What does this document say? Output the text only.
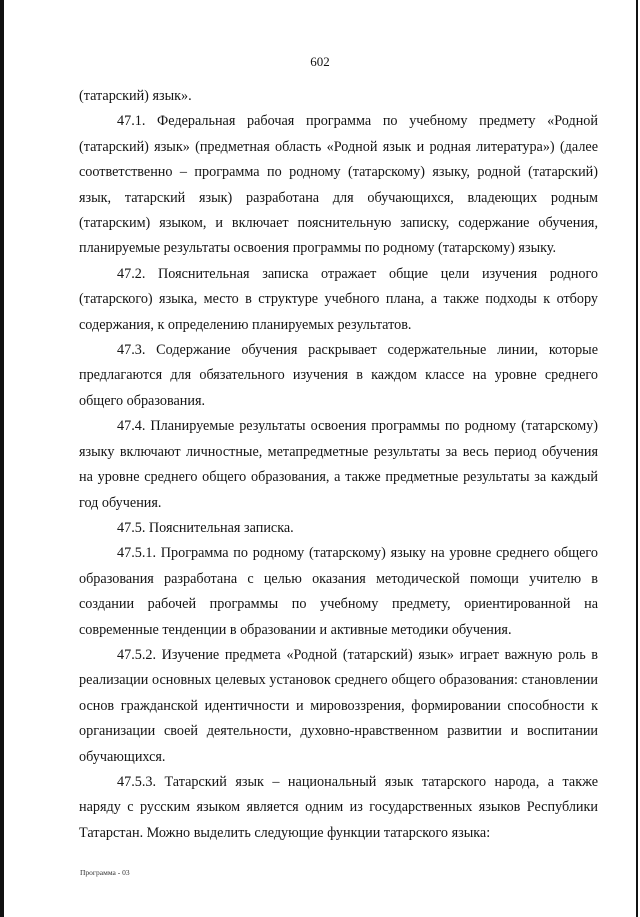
602

(татарский) язык».

47.1. Федеральная рабочая программа по учебному предмету «Родной (татарский) язык» (предметная область «Родной язык и родная литература») (далее соответственно – программа по родному (татарскому) языку, родной (татарский) язык, татарский язык) разработана для обучающихся, владеющих родным (татарским) языком, и включает пояснительную записку, содержание обучения, планируемые результаты освоения программы по родному (татарскому) языку.

47.2. Пояснительная записка отражает общие цели изучения родного (татарского) языка, место в структуре учебного плана, а также подходы к отбору содержания, к определению планируемых результатов.

47.3. Содержание обучения раскрывает содержательные линии, которые предлагаются для обязательного изучения в каждом классе на уровне среднего общего образования.

47.4. Планируемые результаты освоения программы по родному (татарскому) языку включают личностные, метапредметные результаты за весь период обучения на уровне среднего общего образования, а также предметные результаты за каждый год обучения.

47.5. Пояснительная записка.

47.5.1. Программа по родному (татарскому) языку на уровне среднего общего образования разработана с целью оказания методической помощи учителю в создании рабочей программы по учебному предмету, ориентированной на современные тенденции в образовании и активные методики обучения.

47.5.2. Изучение предмета «Родной (татарский) язык» играет важную роль в реализации основных целевых установок среднего общего образования: становлении основ гражданской идентичности и мировоззрения, формировании способности к организации своей деятельности, духовно-нравственном развитии и воспитании обучающихся.

47.5.3. Татарский язык – национальный язык татарского народа, а также наряду с русским языком является одним из государственных языков Республики Татарстан. Можно выделить следующие функции татарского языка:

Программа - 03
